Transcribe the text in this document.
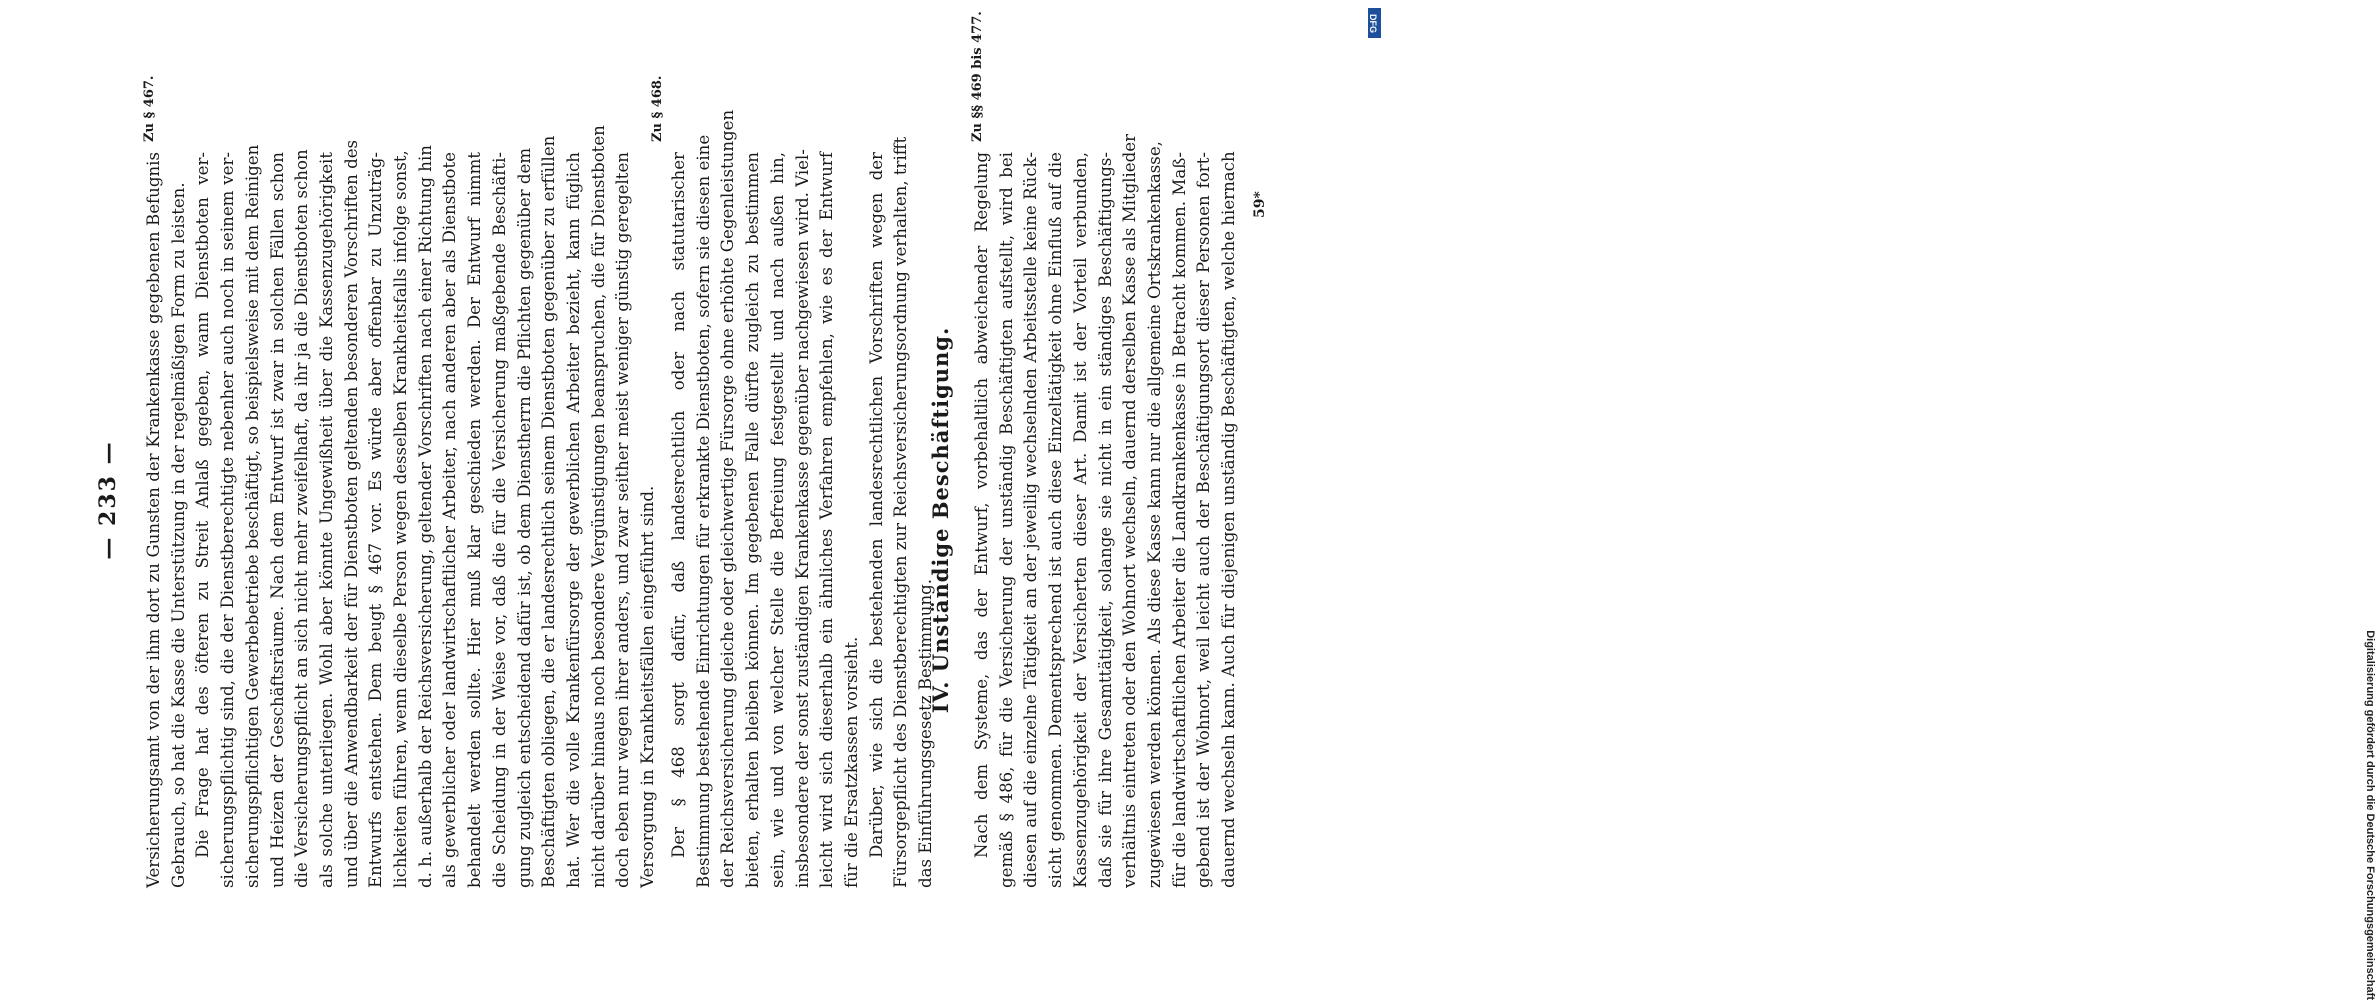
— 233 — Versicherungsamt von der ihm dort zu Gunsten der Krankenkasse gegebenen Befugnis Gebrauch, so hat die Kasse die Unterstützung in der regelmäßigen Form zu leisten. Die Frage hat des öfteren zu Streit Anlaß gegeben, wann Dienstboten ver- sicherungspflichtig sind, die der Dienstberechtigte nebenher auch noch in seinem ver- sicherungspflichtigen Gewerbebetriebe beschäftigt, so beispielsweise mit dem Reinigen und Heizen der Geschäftsräume. Nach dem Entwurf ist zwar in solchen Fällen schon die Versicherungspflicht an sich nicht mehr zweifelhaft, da ihr ja die Dienstboten schon als solche unterliegen. Wohl aber könnte Ungewißheit über die Kassenzugehörigkeit und über die Anwendbarkeit der für Dienstboten geltenden besonderen Vorschriften des Entwurfs entstehen. Dem beugt § 467 vor. Es würde aber offenbar zu Unzuträg- lichkeiten führen, wenn dieselbe Person wegen desselben Krankheitsfalls infolge sonst, d. h. außerhalb der Reichsversicherung, geltender Vorschriften nach einer Richtung hin als gewerblicher oder landwirtschaftlicher Arbeiter, nach anderen aber als Dienstbote behandelt werden sollte. Hier muß klar geschieden werden. Der Entwurf nimmt die Scheidung in der Weise vor, daß die für die Versicherung maßgebende Beschäfti- gung zugleich entscheidend dafür ist, ob dem Dienstherrn die Pflichten gegenüber dem Beschäftigten obliegen, die er landesrechtlich seinem Dienstboten gegenüber zu erfüllen hat. Wer die volle Krankenfürsorge der gewerblichen Arbeiter bezieht, kann füglich nicht darüber hinaus noch besondere Vergünstigungen beanspruchen, die für Dienstboten doch eben nur wegen ihrer anders, und zwar seither meist weniger günstig geregelten Versorgung in Krankheitsfällen eingeführt sind.
Zu § 467.
Der § 468 sorgt dafür, daß landesrechtlich oder nach statutarischer Bestimmung bestehende Einrichtungen für erkrankte Dienstboten, sofern sie diesen eine der Reichsversicherung gleiche oder gleichwertige Fürsorge ohne erhöhte Gegenleistungen bieten, erhalten bleiben können. Im gegebenen Falle dürfte zugleich zu bestimmen sein, wie und von welcher Stelle die Befreiung festgestellt und nach außen hin, insbesondere der sonst zuständigen Krankenkasse gegenüber nachgewiesen wird. Viel- leicht wird sich dieserhalb ein ähnliches Verfahren empfehlen, wie es der Entwurf für die Ersatzkassen vorsieht. Darüber, wie sich die bestehenden landesrechtlichen Vorschriften wegen der Fürsorgepflicht des Dienstberechtigten zur Reichsversicherungsordnung verhalten, trifft das Einführungsgesetz Bestimmung.
Zu § 468.
IV. Unständige Beschäftigung. Nach dem Systeme, das der Entwurf, vorbehaltlich abweichender Regelung gemäß § 486, für die Versicherung der unständig Beschäftigten aufstellt, wird bei diesen auf die einzelne Tätigkeit an der jeweilig wechselnden Arbeitsstelle keine Rück- sicht genommen. Dementsprechend ist auch diese Einzeltätigkeit ohne Einfluß auf die Kassenzugehörigkeit der Versicherten dieser Art. Damit ist der Vorteil verbunden, daß sie für ihre Gesamttätigkeit, solange sie nicht in ein ständiges Beschäftigungs- verhältnis eintreten oder den Wohnort wechseln, dauernd derselben Kasse als Mitglieder zugewiesen werden können. Als diese Kasse kann nur die allgemeine Ortskrankenkasse, für die landwirtschaftlichen Arbeiter die Landkrankenkasse in Betracht kommen. Maß- gebend ist der Wohnort, weil leicht auch der Beschäftigungsort dieser Personen fort- dauernd wechseln kann. Auch für diejenigen unständig Beschäftigten, welche hiernach
Zu §§ 469 bis 477.
59*
DFG
Digitalisierung gefördert durch die Deutsche Forschungsgemeinschaft
